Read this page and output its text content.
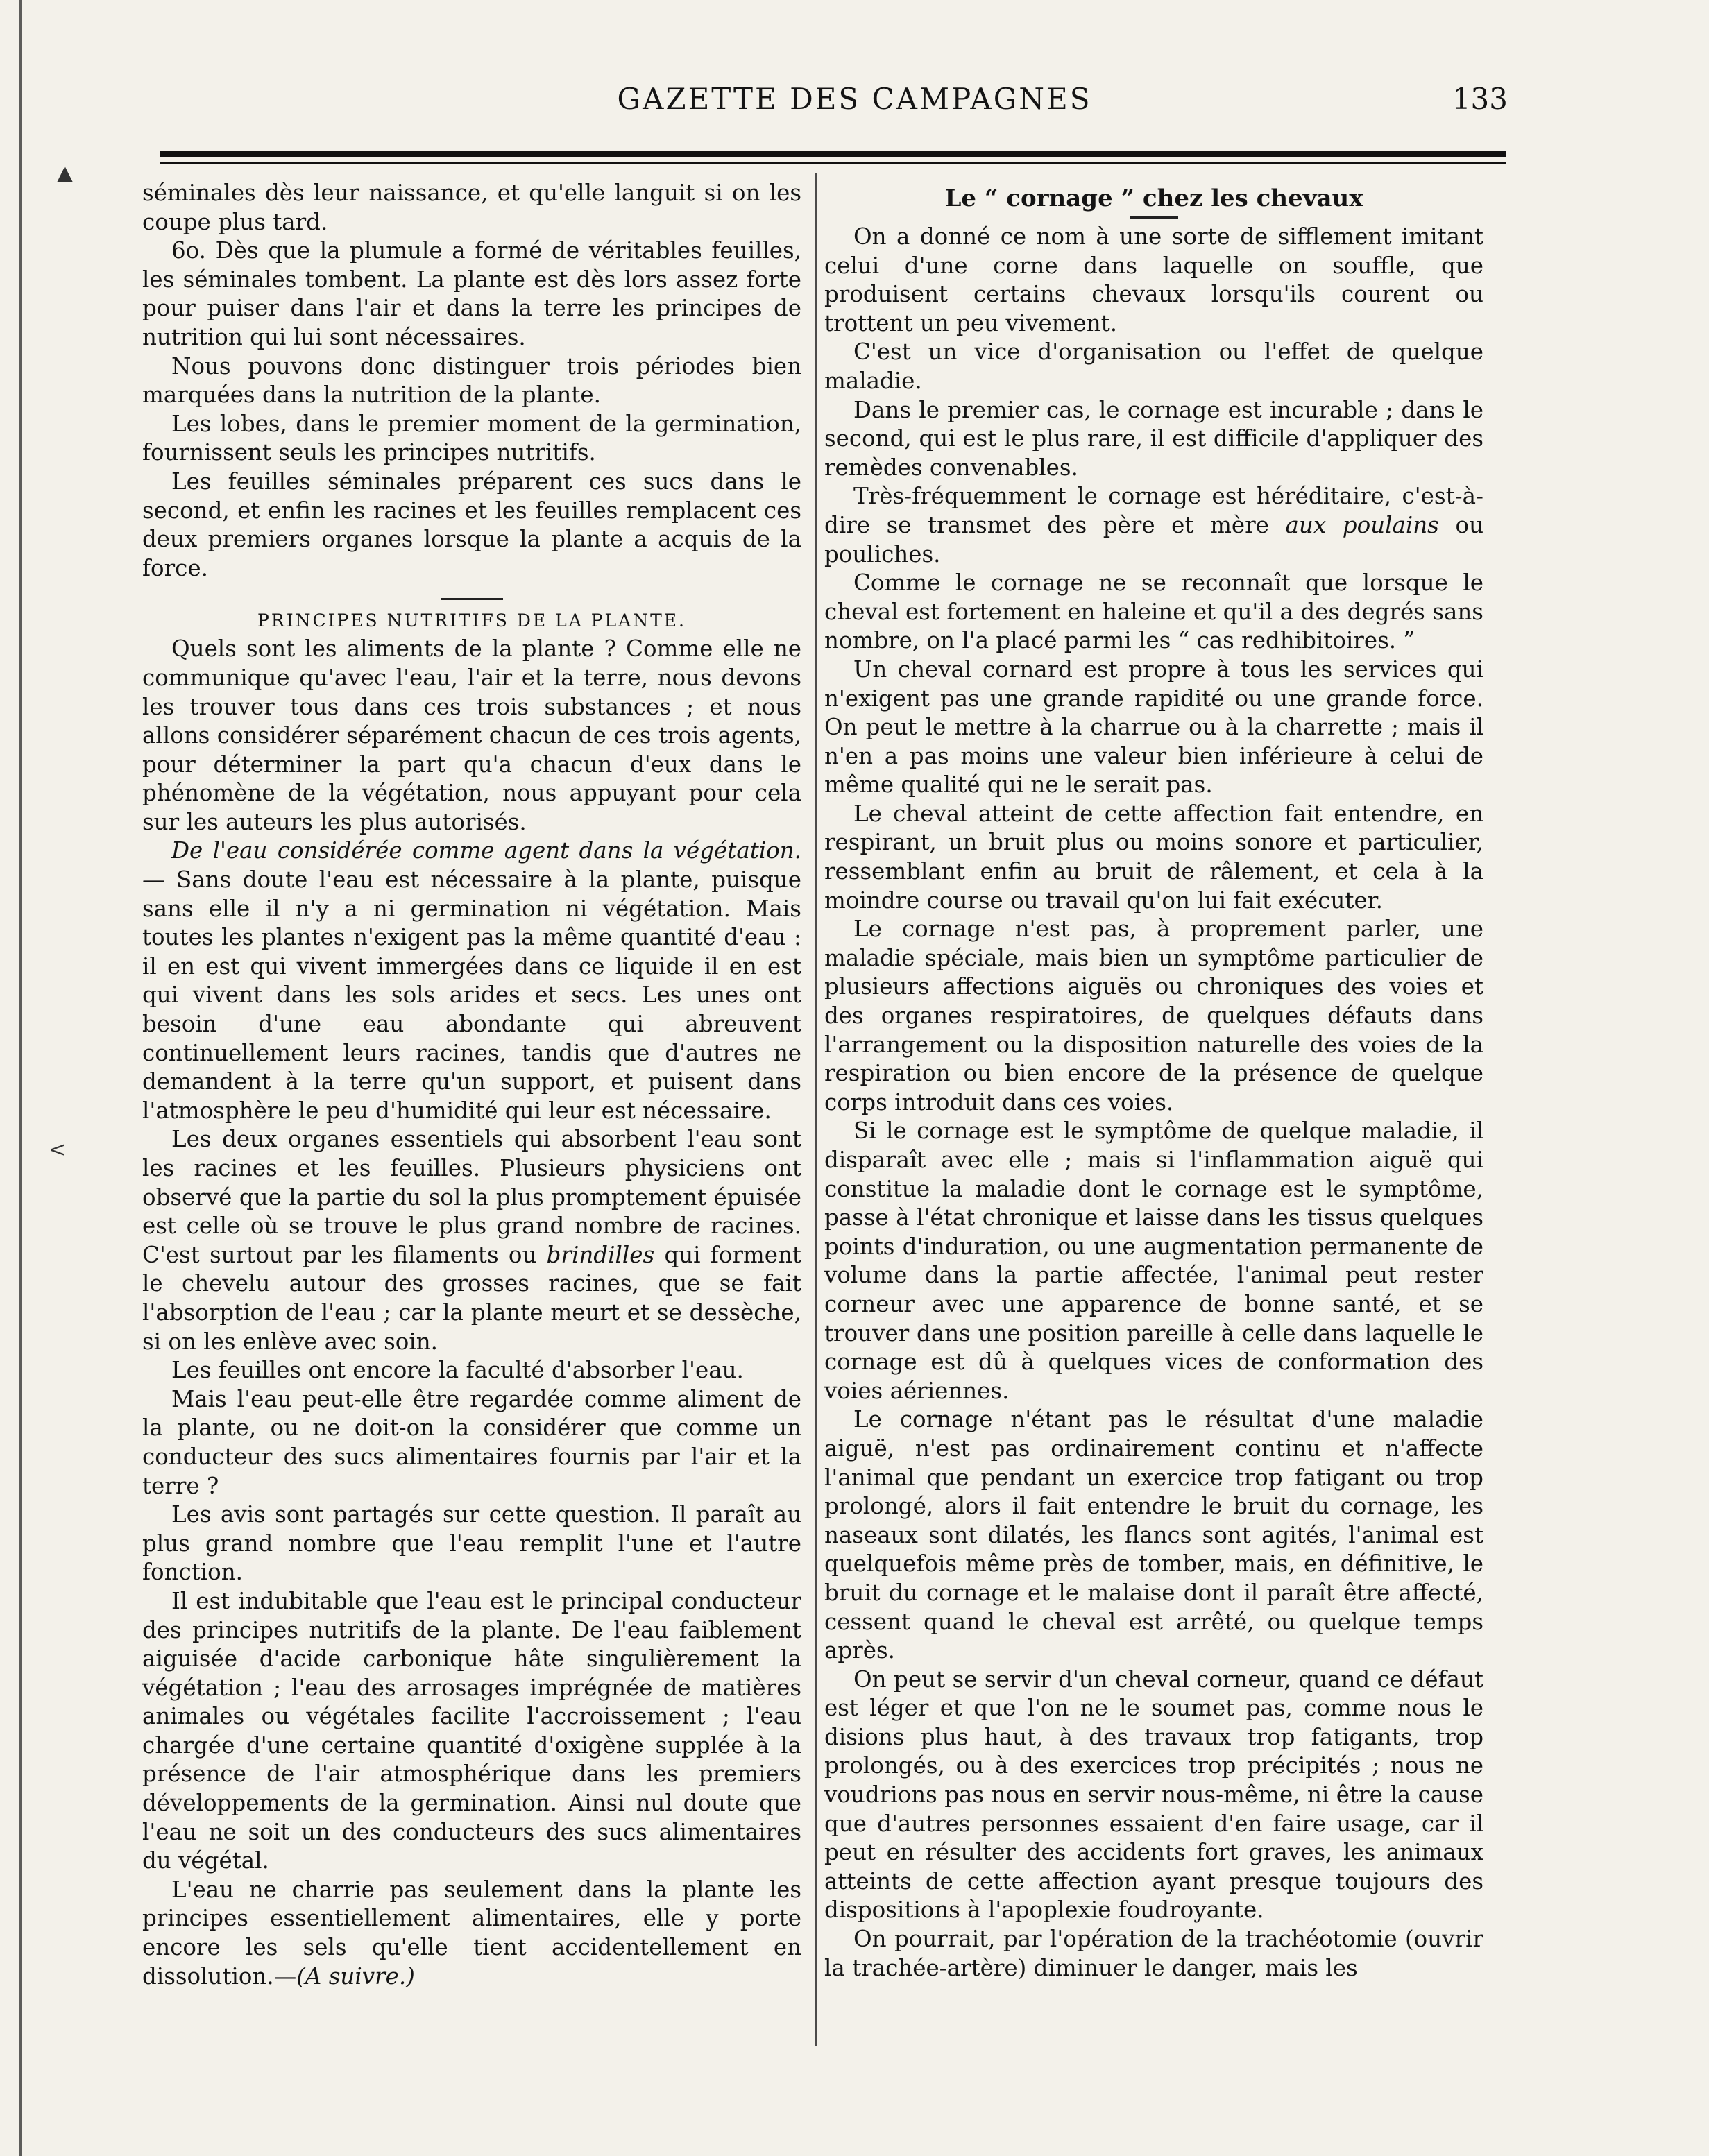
GAZETTE DES CAMPAGNES	133
▲
<

séminales dès leur naissance, et qu'elle languit si on les coupe plus tard.

6o. Dès que la plumule a formé de véritables feuilles, les séminales tombent. La plante est dès lors assez forte pour puiser dans l'air et dans la terre les principes de nutrition qui lui sont nécessaires.

Nous pouvons donc distinguer trois périodes bien marquées dans la nutrition de la plante.

Les lobes, dans le premier moment de la germination, fournissent seuls les principes nutritifs.

Les feuilles séminales préparent ces sucs dans le second, et enfin les racines et les feuilles remplacent ces deux premiers organes lorsque la plante a acquis de la force.

PRINCIPES NUTRITIFS DE LA PLANTE.

Quels sont les aliments de la plante ? Comme elle ne communique qu'avec l'eau, l'air et la terre, nous devons les trouver tous dans ces trois substances ; et nous allons considérer séparément chacun de ces trois agents, pour déterminer la part qu'a chacun d'eux dans le phénomène de la végétation, nous appuyant pour cela sur les auteurs les plus autorisés.

De l'eau considérée comme agent dans la végétation. — Sans doute l'eau est nécessaire à la plante, puisque sans elle il n'y a ni germination ni végétation. Mais toutes les plantes n'exigent pas la même quantité d'eau : il en est qui vivent immergées dans ce liquide il en est qui vivent dans les sols arides et secs. Les unes ont besoin d'une eau abondante qui abreuvent continuellement leurs racines, tandis que d'autres ne demandent à la terre qu'un support, et puisent dans l'atmosphère le peu d'humidité qui leur est nécessaire.

Les deux organes essentiels qui absorbent l'eau sont les racines et les feuilles. Plusieurs physiciens ont observé que la partie du sol la plus promptement épuisée est celle où se trouve le plus grand nombre de racines. C'est surtout par les filaments ou brindilles qui forment le chevelu autour des grosses racines, que se fait l'absorption de l'eau ; car la plante meurt et se dessèche, si on les enlève avec soin.

Les feuilles ont encore la faculté d'absorber l'eau.

Mais l'eau peut-elle être regardée comme aliment de la plante, ou ne doit-on la considérer que comme un conducteur des sucs alimentaires fournis par l'air et la terre ?

Les avis sont partagés sur cette question. Il paraît au plus grand nombre que l'eau remplit l'une et l'autre fonction.

Il est indubitable que l'eau est le principal conducteur des principes nutritifs de la plante. De l'eau faiblement aiguisée d'acide carbonique hâte singulièrement la végétation ; l'eau des arrosages imprégnée de matières animales ou végétales facilite l'accroissement ; l'eau chargée d'une certaine quantité d'oxigène supplée à la présence de l'air atmosphérique dans les premiers développements de la germination. Ainsi nul doute que l'eau ne soit un des conducteurs des sucs alimentaires du végétal.

L'eau ne charrie pas seulement dans la plante les principes essentiellement alimentaires, elle y porte encore les sels qu'elle tient accidentellement en dissolution.—(A suivre.)

Le “ cornage ” chez les chevaux

On a donné ce nom à une sorte de sifflement imitant celui d'une corne dans laquelle on souffle, que produisent certains chevaux lorsqu'ils courent ou trottent un peu vivement.

C'est un vice d'organisation ou l'effet de quelque maladie.

Dans le premier cas, le cornage est incurable ; dans le second, qui est le plus rare, il est difficile d'appliquer des remèdes convenables.

Très-fréquemment le cornage est héréditaire, c'est-à-dire se transmet des père et mère aux poulains ou pouliches.

Comme le cornage ne se reconnaît que lorsque le cheval est fortement en haleine et qu'il a des degrés sans nombre, on l'a placé parmi les “ cas redhibitoires. ”

Un cheval cornard est propre à tous les services qui n'exigent pas une grande rapidité ou une grande force. On peut le mettre à la charrue ou à la charrette ; mais il n'en a pas moins une valeur bien inférieure à celui de même qualité qui ne le serait pas.

Le cheval atteint de cette affection fait entendre, en respirant, un bruit plus ou moins sonore et particulier, ressemblant enfin au bruit de râlement, et cela à la moindre course ou travail qu'on lui fait exécuter.

Le cornage n'est pas, à proprement parler, une maladie spéciale, mais bien un symptôme particulier de plusieurs affections aiguës ou chroniques des voies et des organes respiratoires, de quelques défauts dans l'arrangement ou la disposition naturelle des voies de la respiration ou bien encore de la présence de quelque corps introduit dans ces voies.

Si le cornage est le symptôme de quelque maladie, il disparaît avec elle ; mais si l'inflammation aiguë qui constitue la maladie dont le cornage est le symptôme, passe à l'état chronique et laisse dans les tissus quelques points d'induration, ou une augmentation permanente de volume dans la partie affectée, l'animal peut rester corneur avec une apparence de bonne santé, et se trouver dans une position pareille à celle dans laquelle le cornage est dû à quelques vices de conformation des voies aériennes.

Le cornage n'étant pas le résultat d'une maladie aiguë, n'est pas ordinairement continu et n'affecte l'animal que pendant un exercice trop fatigant ou trop prolongé, alors il fait entendre le bruit du cornage, les naseaux sont dilatés, les flancs sont agités, l'animal est quelquefois même près de tomber, mais, en définitive, le bruit du cornage et le malaise dont il paraît être affecté, cessent quand le cheval est arrêté, ou quelque temps après.

On peut se servir d'un cheval corneur, quand ce défaut est léger et que l'on ne le soumet pas, comme nous le disions plus haut, à des travaux trop fatigants, trop prolongés, ou à des exercices trop précipités ; nous ne voudrions pas nous en servir nous-même, ni être la cause que d'autres personnes essaient d'en faire usage, car il peut en résulter des accidents fort graves, les animaux atteints de cette affection ayant presque toujours des dispositions à l'apoplexie foudroyante.

On pourrait, par l'opération de la trachéotomie (ouvrir la trachée-artère) diminuer le danger, mais les
